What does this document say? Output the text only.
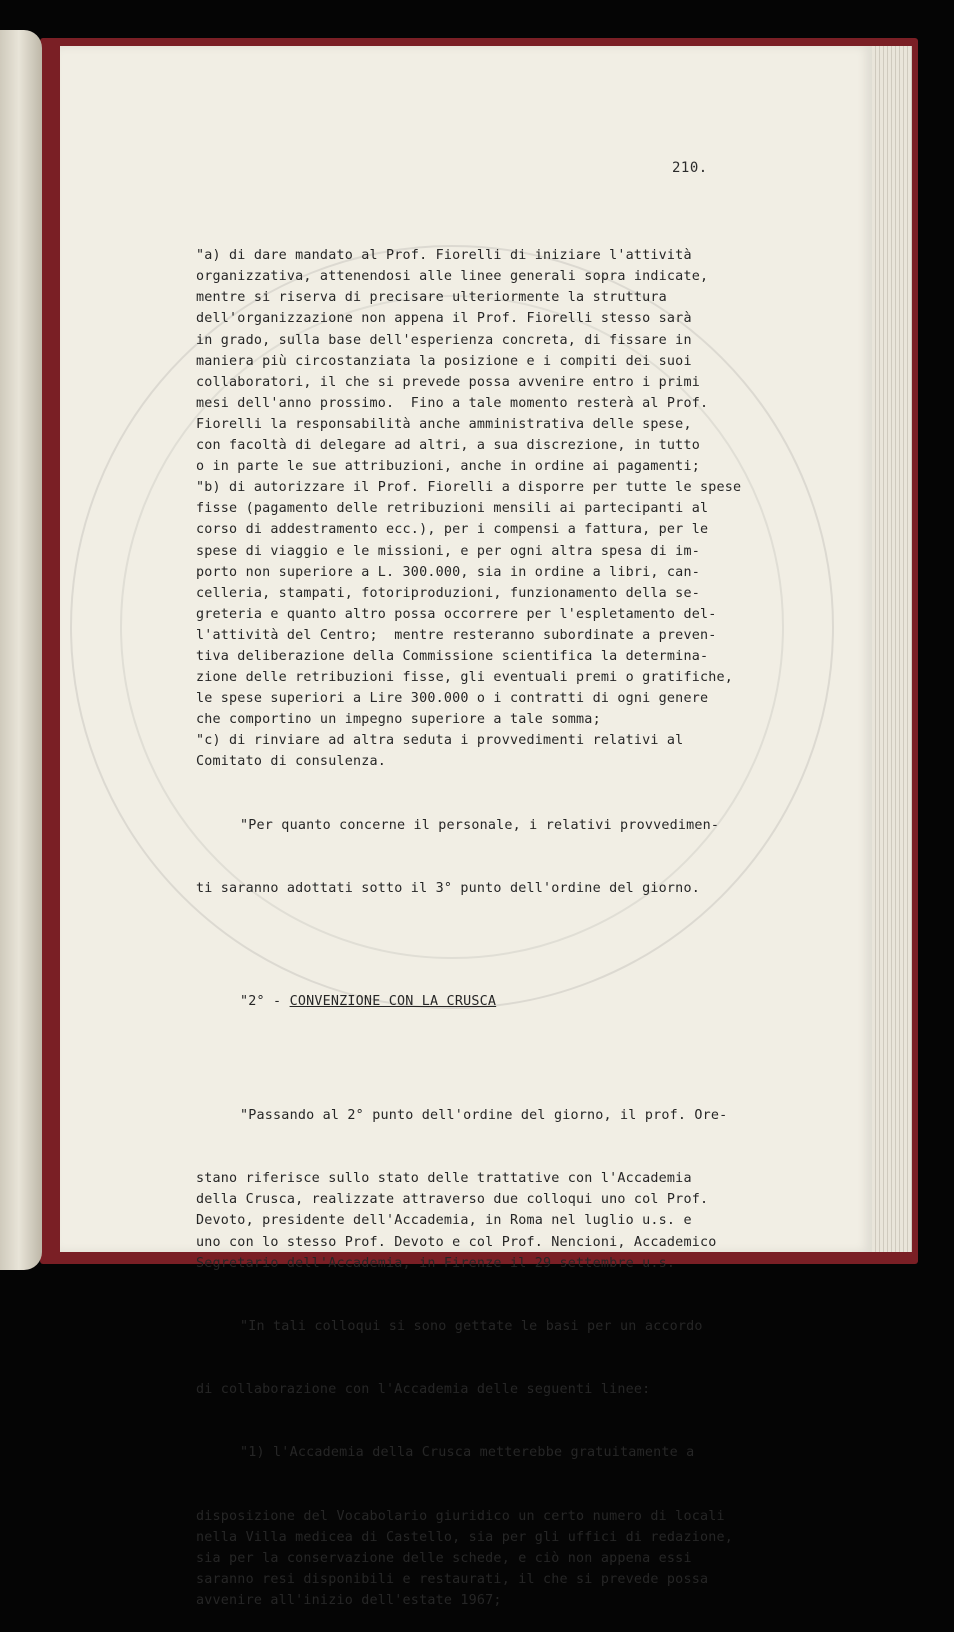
210.

"a) di dare mandato al Prof. Fiorelli di iniziare l'attività
organizzativa, attenendosi alle linee generali sopra indicate,
mentre si riserva di precisare ulteriormente la struttura
dell'organizzazione non appena il Prof. Fiorelli stesso sarà
in grado, sulla base dell'esperienza concreta, di fissare in
maniera più circostanziata la posizione e i compiti dei suoi
collaboratori, il che si prevede possa avvenire entro i primi
mesi dell'anno prossimo.  Fino a tale momento resterà al Prof.
Fiorelli la responsabilità anche amministrativa delle spese,
con facoltà di delegare ad altri, a sua discrezione, in tutto
o in parte le sue attribuzioni, anche in ordine ai pagamenti;
"b) di autorizzare il Prof. Fiorelli a disporre per tutte le spese
fisse (pagamento delle retribuzioni mensili ai partecipanti al
corso di addestramento ecc.), per i compensi a fattura, per le
spese di viaggio e le missioni, e per ogni altra spesa di im-
porto non superiore a L. 300.000, sia in ordine a libri, can-
celleria, stampati, fotoriproduzioni, funzionamento della se-
greteria e quanto altro possa occorrere per l'espletamento del-
l'attività del Centro;  mentre resteranno subordinate a preven-
tiva deliberazione della Commissione scientifica la determina-
zione delle retribuzioni fisse, gli eventuali premi o gratifiche,
le spese superiori a Lire 300.000 o i contratti di ogni genere
che comportino un impegno superiore a tale somma;
"c) di rinviare ad altra seduta i provvedimenti relativi al
Comitato di consulenza.

"Per quanto concerne il personale, i relativi provvedimen-

ti saranno adottati sotto il 3° punto dell'ordine del giorno.

"2° - CONVENZIONE CON LA CRUSCA

"Passando al 2° punto dell'ordine del giorno, il prof. Ore-

stano riferisce sullo stato delle trattative con l'Accademia
della Crusca, realizzate attraverso due colloqui uno col Prof.
Devoto, presidente dell'Accademia, in Roma nel luglio u.s. e
uno con lo stesso Prof. Devoto e col Prof. Nencioni, Accademico
Segretario dell'Accademia, in Firenze il 29 settembre u.s.

"In tali colloqui si sono gettate le basi per un accordo

di collaborazione con l'Accademia delle seguenti linee:

"1) l'Accademia della Crusca metterebbe gratuitamente a

disposizione del Vocabolario giuridico un certo numero di locali
nella Villa medicea di Castello, sia per gli uffici di redazione,
sia per la conservazione delle schede, e ciò non appena essi
saranno resi disponibili e restaurati, il che si prevede possa
avvenire all'inizio dell'estate 1967;
